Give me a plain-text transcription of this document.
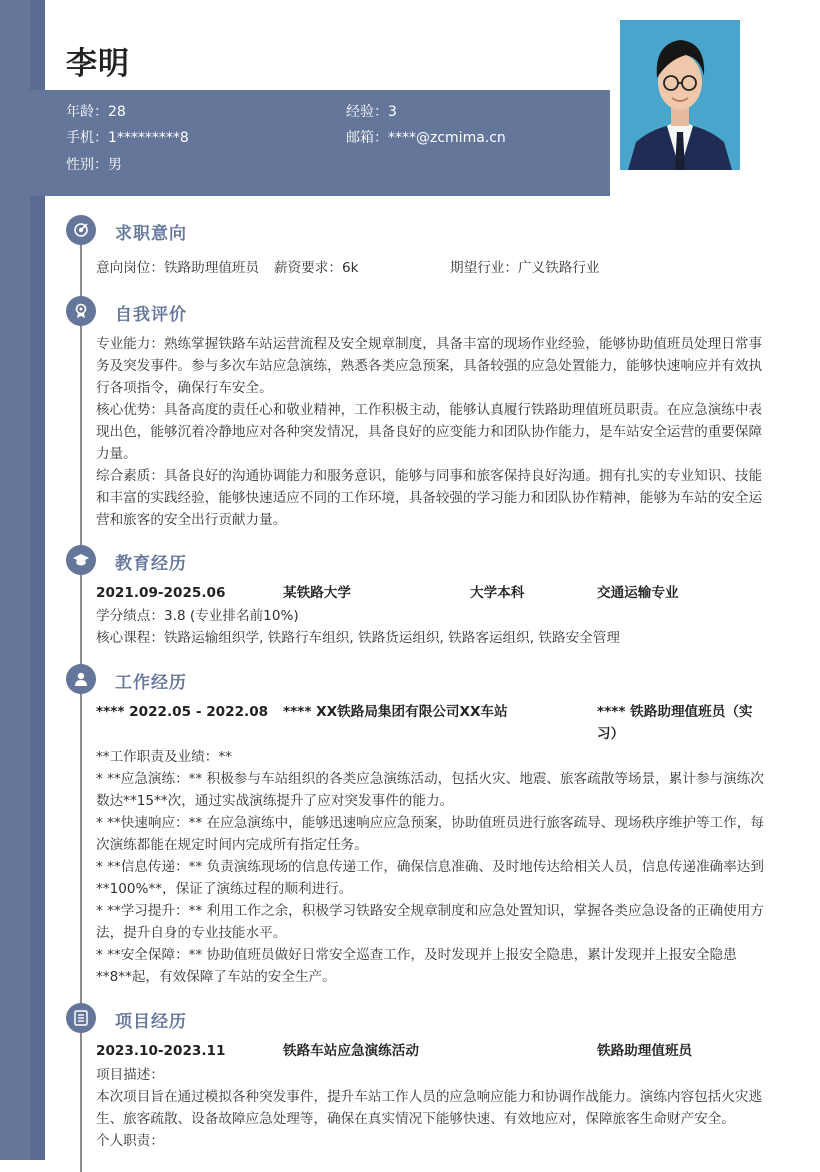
李明
年龄：28	经验：3
手机：1*********8	邮箱：****@zcmima.cn
性别：男
求职意向
意向岗位：铁路助理值班员 薪资要求：6k	期望行业：广义铁路行业
自我评价

专业能力：熟练掌握铁路车站运营流程及安全规章制度，具备丰富的现场作业经验，能够协助值班员处理日常事务及突发事件。参与多次车站应急演练，熟悉各类应急预案，具备较强的应急处置能力，能够快速响应并有效执行各项指令，确保行车安全。

核心优势：具备高度的责任心和敬业精神，工作积极主动，能够认真履行铁路助理值班员职责。在应急演练中表现出色，能够沉着冷静地应对各种突发情况，具备良好的应变能力和团队协作能力，是车站安全运营的重要保障力量。

综合素质：具备良好的沟通协调能力和服务意识，能够与同事和旅客保持良好沟通。拥有扎实的专业知识、技能和丰富的实践经验，能够快速适应不同的工作环境，具备较强的学习能力和团队协作精神，能够为车站的安全运营和旅客的安全出行贡献力量。

教育经历
2021.09-2025.06	某铁路大学	大学本科	交通运输专业
学分绩点：3.8 (专业排名前10%)
核心课程：铁路运输组织学, 铁路行车组织, 铁路货运组织, 铁路客运组织, 铁路安全管理
工作经历
**** 2022.05 - 2022.08 **** XX铁路局集团有限公司XX车站	**** 铁路助理值班员（实
习）

**工作职责及业绩：**

* **应急演练：** 积极参与车站组织的各类应急演练活动，包括火灾、地震、旅客疏散等场景，累计参与演练次数达**15**次，通过实战演练提升了应对突发事件的能力。

* **快速响应：** 在应急演练中，能够迅速响应应急预案，协助值班员进行旅客疏导、现场秩序维护等工作，每次演练都能在规定时间内完成所有指定任务。

* **信息传递：** 负责演练现场的信息传递工作，确保信息准确、及时地传达给相关人员，信息传递准确率达到**100%**，保证了演练过程的顺利进行。

* **学习提升：** 利用工作之余，积极学习铁路安全规章制度和应急处置知识，掌握各类应急设备的正确使用方法，提升自身的专业技能水平。

* **安全保障：** 协助值班员做好日常安全巡查工作，及时发现并上报安全隐患，累计发现并上报安全隐患**8**起，有效保障了车站的安全生产。

项目经历
2023.10-2023.11	铁路车站应急演练活动	铁路助理值班员

项目描述：

本次项目旨在通过模拟各种突发事件，提升车站工作人员的应急响应能力和协调作战能力。演练内容包括火灾逃生、旅客疏散、设备故障应急处理等，确保在真实情况下能够快速、有效地应对，保障旅客生命财产安全。

个人职责：
